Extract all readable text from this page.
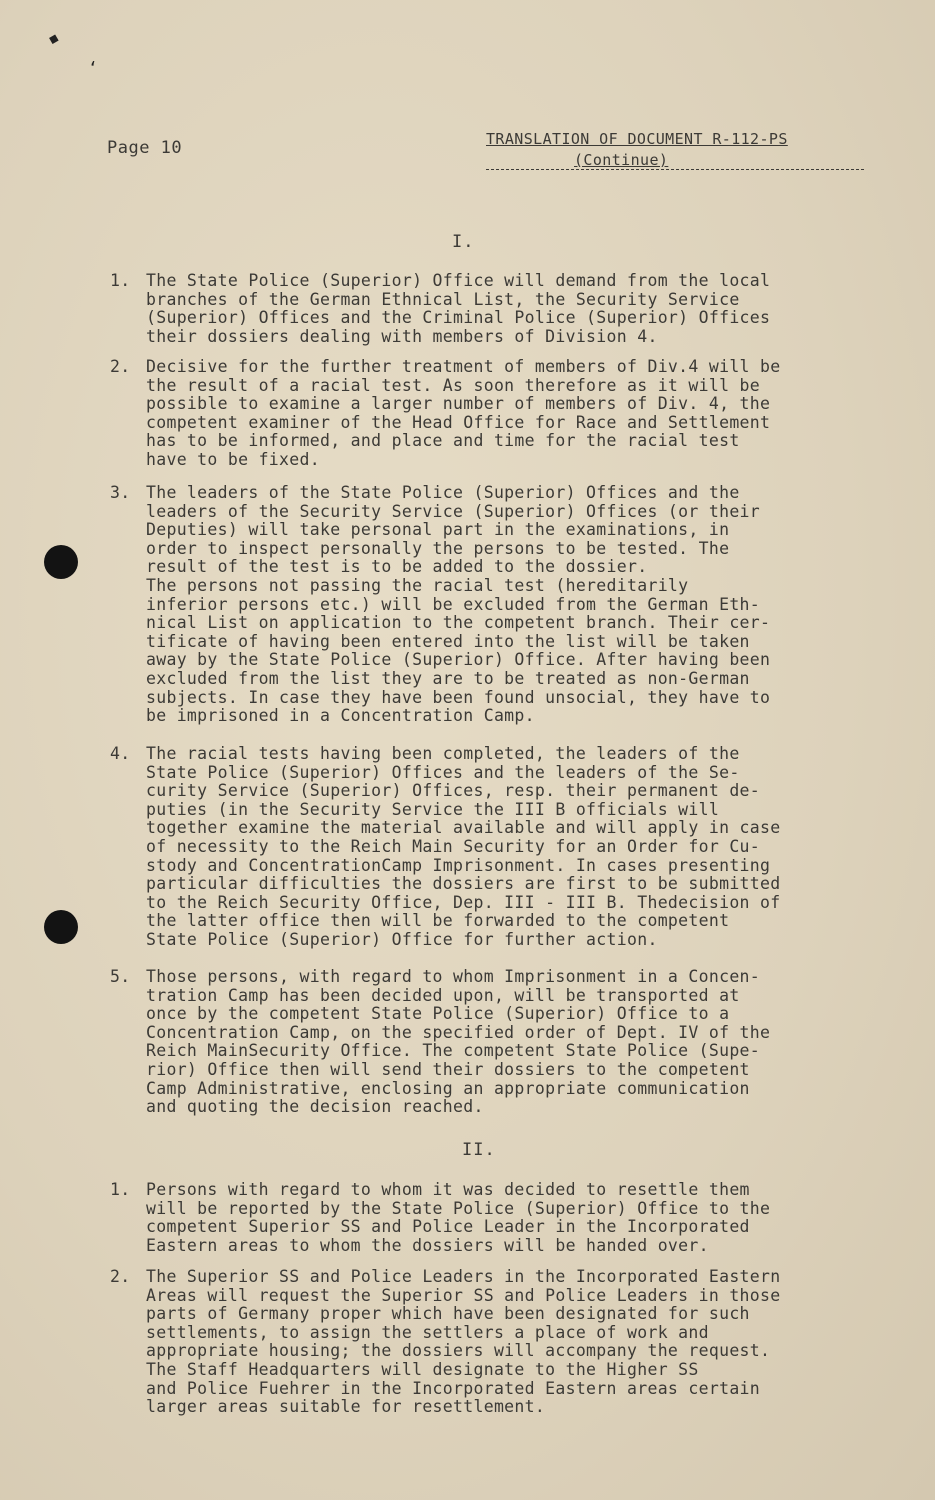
▪
‘
Page 10	TRANSLATION OF DOCUMENT R-112-PS
(Continue)
I.
1. The State Police (Superior) Office will demand from the local
branches of the German Ethnical List, the Security Service
(Superior) Offices and the Criminal Police (Superior) Offices
their dossiers dealing with members of Division 4.
2. Decisive for the further treatment of members of Div.4 will be
the result of a racial test. As soon therefore as it will be
possible to examine a larger number of members of Div. 4, the
competent examiner of the Head Office for Race and Settlement
has to be informed, and place and time for the racial test
have to be fixed.
3. The leaders of the State Police (Superior) Offices and the
leaders of the Security Service (Superior) Offices (or their
Deputies) will take personal part in the examinations, in
order to inspect personally the persons to be tested. The
result of the test is to be added to the dossier.
The persons not passing the racial test (hereditarily
inferior persons etc.) will be excluded from the German Eth-
nical List on application to the competent branch. Their cer-
tificate of having been entered into the list will be taken
away by the State Police (Superior) Office. After having been
excluded from the list they are to be treated as non-German
subjects. In case they have been found unsocial, they have to
be imprisoned in a Concentration Camp.
4. The racial tests having been completed, the leaders of the
State Police (Superior) Offices and the leaders of the Se-
curity Service (Superior) Offices, resp. their permanent de-
puties (in the Security Service the III B officials will
together examine the material available and will apply in case
of necessity to the Reich Main Security for an Order for Cu-
stody and ConcentrationCamp Imprisonment. In cases presenting
particular difficulties the dossiers are first to be submitted
to the Reich Security Office, Dep. III - III B. Thedecision of
the latter office then will be forwarded to the competent
State Police (Superior) Office for further action.
5. Those persons, with regard to whom Imprisonment in a Concen-
tration Camp has been decided upon, will be transported at
once by the competent State Police (Superior) Office to a
Concentration Camp, on the specified order of Dept. IV of the
Reich MainSecurity Office. The competent State Police (Supe-
rior) Office then will send their dossiers to the competent
Camp Administrative, enclosing an appropriate communication
and quoting the decision reached.
II.
1. Persons with regard to whom it was decided to resettle them
will be reported by the State Police (Superior) Office to the
competent Superior SS and Police Leader in the Incorporated
Eastern areas to whom the dossiers will be handed over.
2. The Superior SS and Police Leaders in the Incorporated Eastern
Areas will request the Superior SS and Police Leaders in those
parts of Germany proper which have been designated for such
settlements, to assign the settlers a place of work and
appropriate housing; the dossiers will accompany the request.
The Staff Headquarters will designate to the Higher SS
and Police Fuehrer in the Incorporated Eastern areas certain
larger areas suitable for resettlement.
